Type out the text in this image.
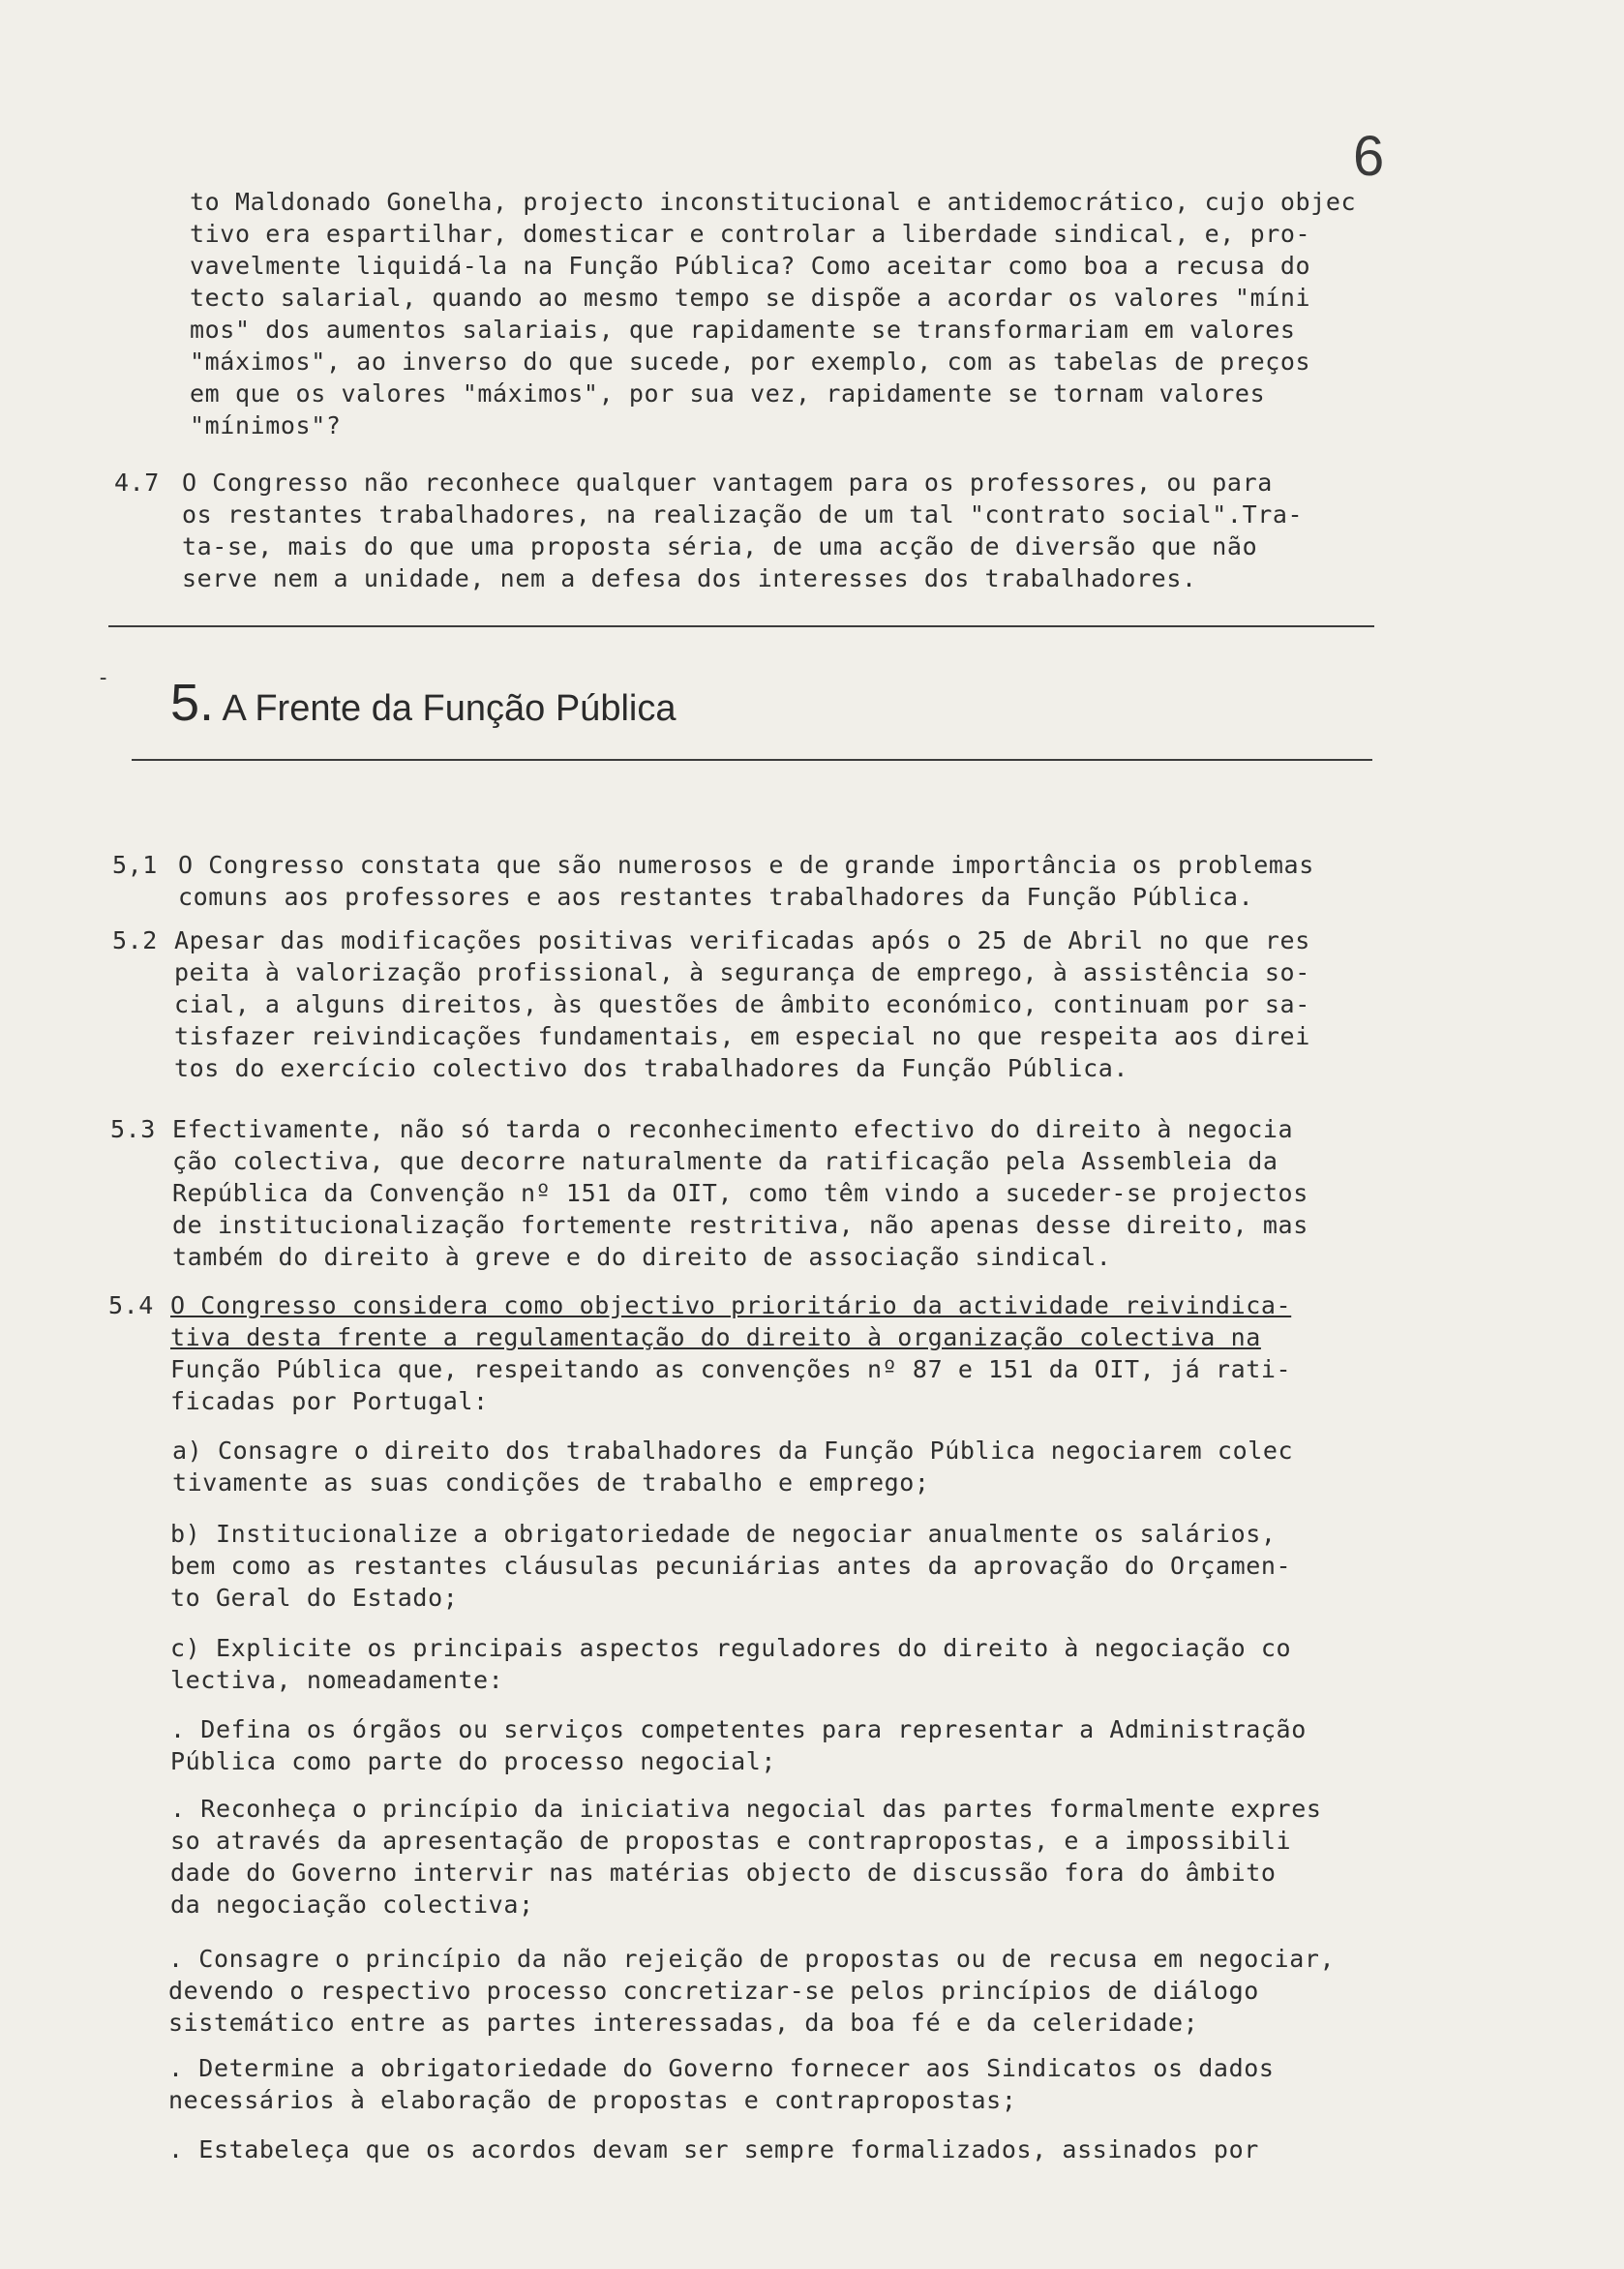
6
to Maldonado Gonelha, projecto inconstitucional e antidemocrático, cujo objec
tivo era espartilhar, domesticar e controlar a liberdade sindical, e, pro-
vavelmente liquidá-la na Função Pública? Como aceitar como boa a recusa do
tecto salarial, quando ao mesmo tempo se dispõe a acordar os valores "míni
mos" dos aumentos salariais, que rapidamente se transformariam em valores
"máximos", ao inverso do que sucede, por exemplo, com as tabelas de preços
em que os valores "máximos", por sua vez, rapidamente se tornam valores
"mínimos"?
4.7 O Congresso não reconhece qualquer vantagem para os professores, ou para
os restantes trabalhadores, na realização de um tal "contrato social".Tra-
ta-se, mais do que uma proposta séria, de uma acção de diversão que não
serve nem a unidade, nem a defesa dos interesses dos trabalhadores.
- 5. A Frente da Função Pública
5,1 O Congresso constata que são numerosos e de grande importância os problemas
comuns aos professores e aos restantes trabalhadores da Função Pública.
5.2 Apesar das modificações positivas verificadas após o 25 de Abril no que res
peita à valorização profissional, à segurança de emprego, à assistência so-
cial, a alguns direitos, às questões de âmbito económico, continuam por sa-
tisfazer reivindicações fundamentais, em especial no que respeita aos direi
tos do exercício colectivo dos trabalhadores da Função Pública.
5.3 Efectivamente, não só tarda o reconhecimento efectivo do direito à negocia
ção colectiva, que decorre naturalmente da ratificação pela Assembleia da
República da Convenção nº 151 da OIT, como têm vindo a suceder-se projectos
de institucionalização fortemente restritiva, não apenas desse direito, mas
também do direito à greve e do direito de associação sindical.
5.4 O Congresso considera como objectivo prioritário da actividade reivindica-
tiva desta frente a regulamentação do direito à organização colectiva na
Função Pública que, respeitando as convenções nº 87 e 151 da OIT, já rati-
ficadas por Portugal:
a) Consagre o direito dos trabalhadores da Função Pública negociarem colec
tivamente as suas condições de trabalho e emprego;
b) Institucionalize a obrigatoriedade de negociar anualmente os salários,
bem como as restantes cláusulas pecuniárias antes da aprovação do Orçamen-
to Geral do Estado;
c) Explicite os principais aspectos reguladores do direito à negociação co
lectiva, nomeadamente:
. Defina os órgãos ou serviços competentes para representar a Administração
Pública como parte do processo negocial;
. Reconheça o princípio da iniciativa negocial das partes formalmente expres
so através da apresentação de propostas e contrapropostas, e a impossibili
dade do Governo intervir nas matérias objecto de discussão fora do âmbito
da negociação colectiva;
. Consagre o princípio da não rejeição de propostas ou de recusa em negociar,
devendo o respectivo processo concretizar-se pelos princípios de diálogo
sistemático entre as partes interessadas, da boa fé e da celeridade;
. Determine a obrigatoriedade do Governo fornecer aos Sindicatos os dados
necessários à elaboração de propostas e contrapropostas;
. Estabeleça que os acordos devam ser sempre formalizados, assinados por
